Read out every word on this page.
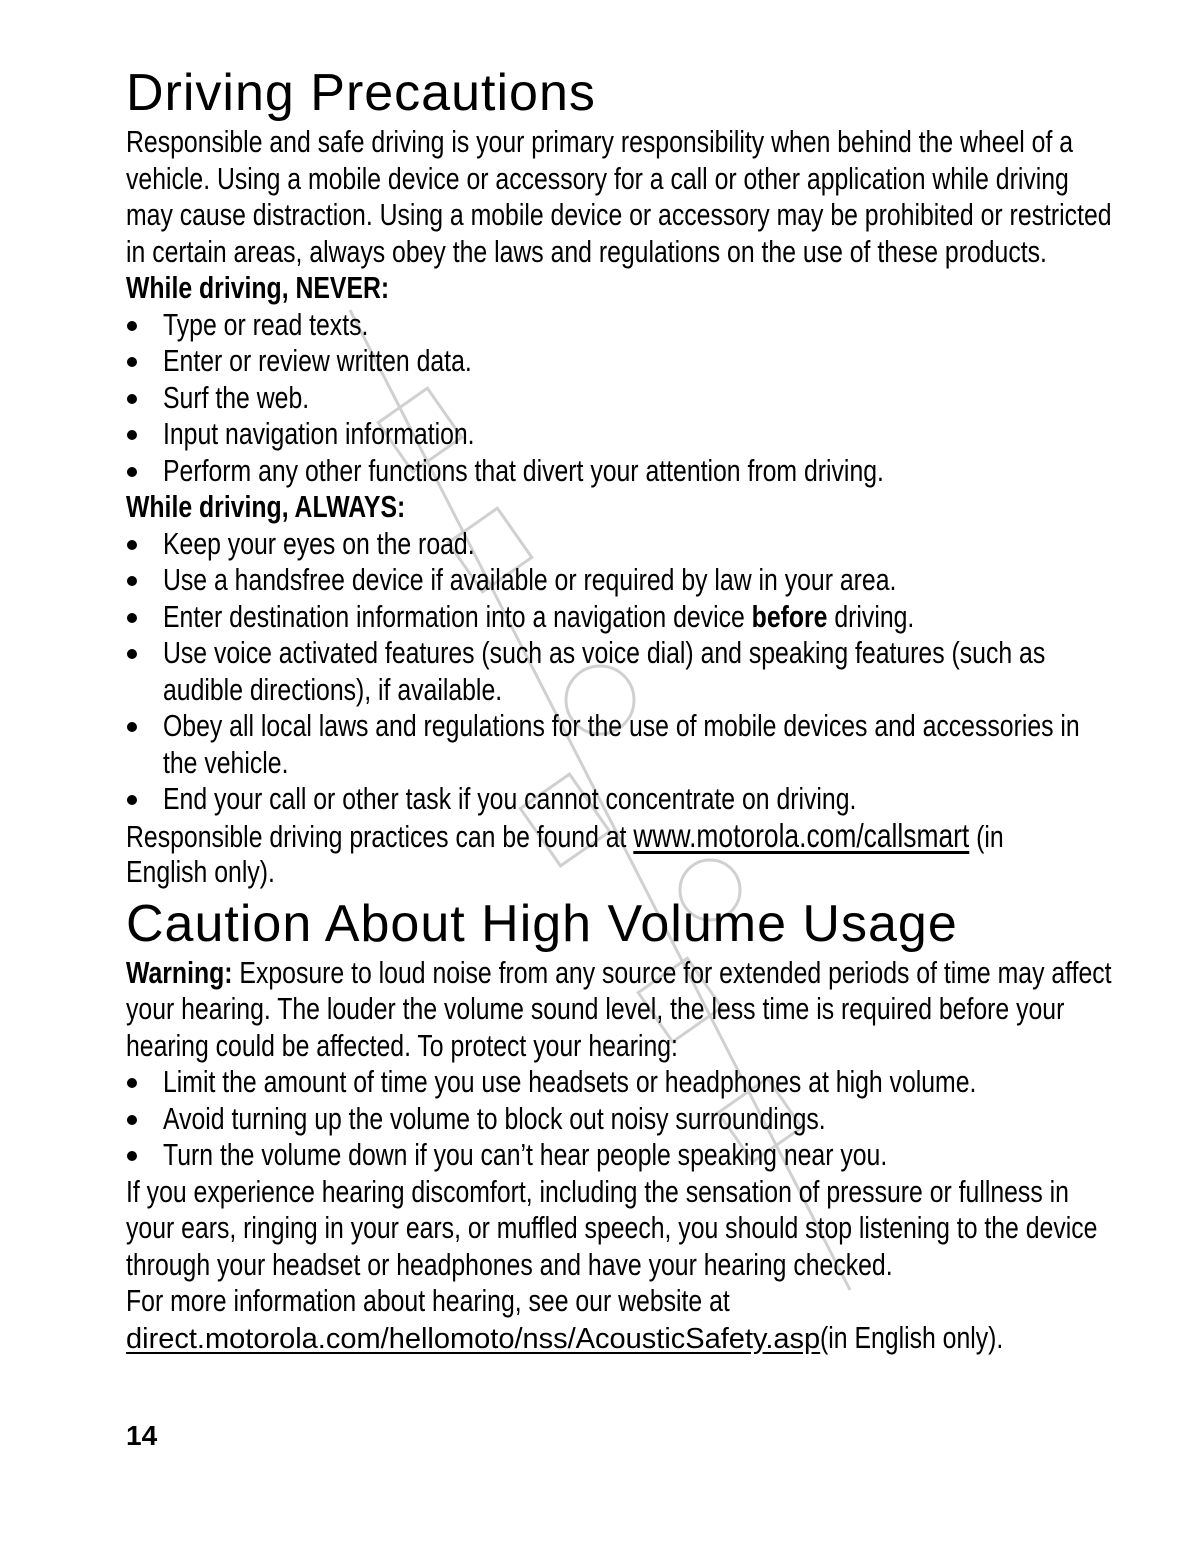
Driving Precautions
Responsible and safe driving is your primary responsibility when behind the wheel of a
vehicle. Using a mobile device or accessory for a call or other application while driving
may cause distraction. Using a mobile device or accessory may be prohibited or restricted
in certain areas, always obey the laws and regulations on the use of these products.
While driving, NEVER:
Type or read texts.
Enter or review written data.
Surf the web.
Input navigation information.
Perform any other functions that divert your attention from driving.
While driving, ALWAYS:
Keep your eyes on the road.
Use a handsfree device if available or required by law in your area.
Enter destination information into a navigation device before driving.
Use voice activated features (such as voice dial) and speaking features (such as
audible directions), if available.
Obey all local laws and regulations for the use of mobile devices and accessories in
the vehicle.
End your call or other task if you cannot concentrate on driving.
Responsible driving practices can be found at www.motorola.com/callsmart (in
English only).
Caution About High Volume Usage
Warning: Exposure to loud noise from any source for extended periods of time may affect
your hearing. The louder the volume sound level, the less time is required before your
hearing could be affected. To protect your hearing:
Limit the amount of time you use headsets or headphones at high volume.
Avoid turning up the volume to block out noisy surroundings.
Turn the volume down if you can’t hear people speaking near you.
If you experience hearing discomfort, including the sensation of pressure or fullness in
your ears, ringing in your ears, or muffled speech, you should stop listening to the device
through your headset or headphones and have your hearing checked.
For more information about hearing, see our website at
direct.motorola.com/hellomoto/nss/AcousticSafety.asp(in English only).
14
